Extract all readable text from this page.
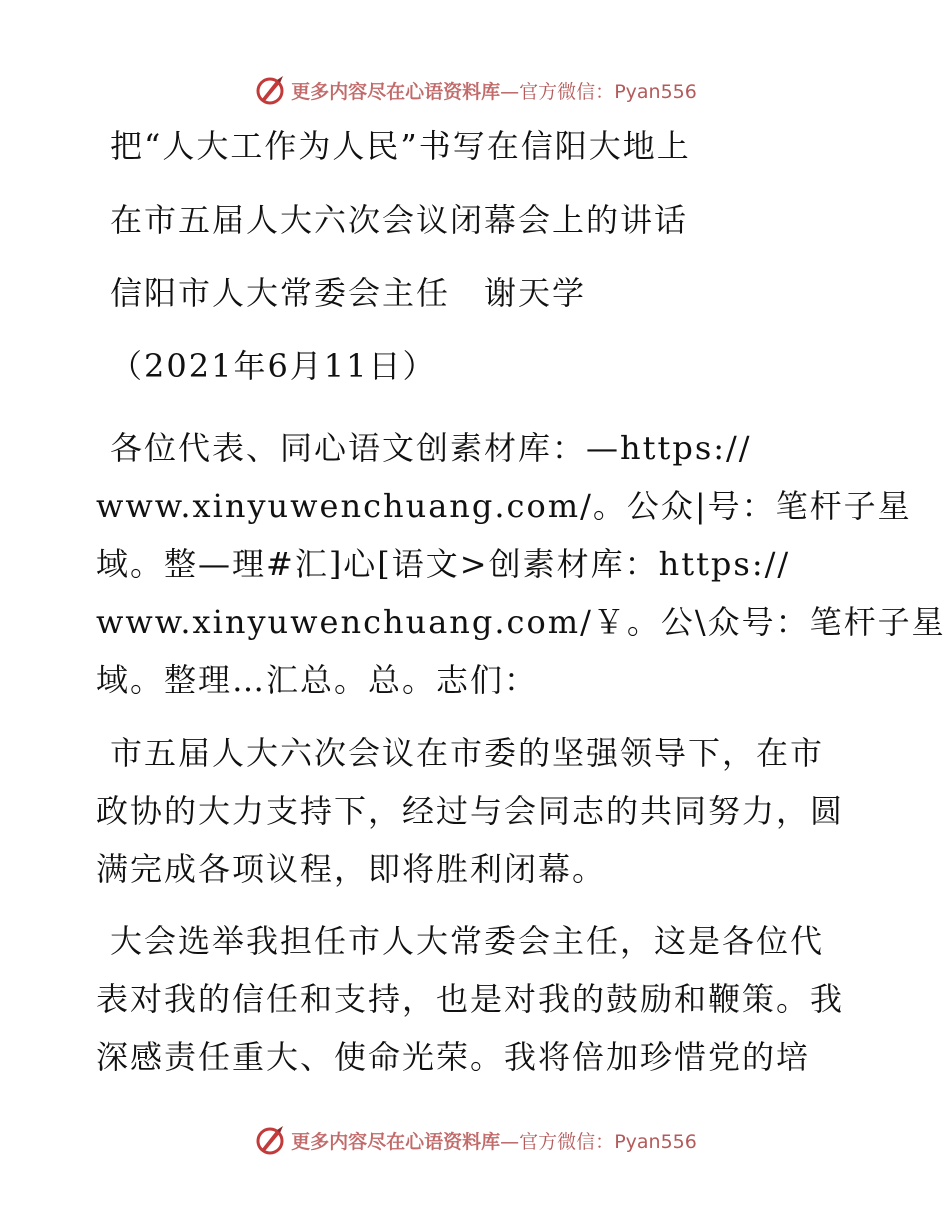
更多内容尽在心语资料库—官方微信：Pyan556

把“人大工作为人民”书写在信阳大地上

在市五届人大六次会议闭幕会上的讲话

信阳市人大常委会主任　谢天学

（2021年6月11日）

各位代表、同心语文创素材库：—https://

www.xinyuwenchuang.com/。公众|号：笔杆子星

域。整—理#汇]心[语文>创素材库：https://

www.xinyuwenchuang.com/￥。公\众号：笔杆子星

域。整理…汇总。总。志们：

市五届人大六次会议在市委的坚强领导下，在市

政协的大力支持下，经过与会同志的共同努力，圆

满完成各项议程，即将胜利闭幕。

大会选举我担任市人大常委会主任，这是各位代

表对我的信任和支持，也是对我的鼓励和鞭策。我

深感责任重大、使命光荣。我将倍加珍惜党的培

更多内容尽在心语资料库—官方微信：Pyan556
